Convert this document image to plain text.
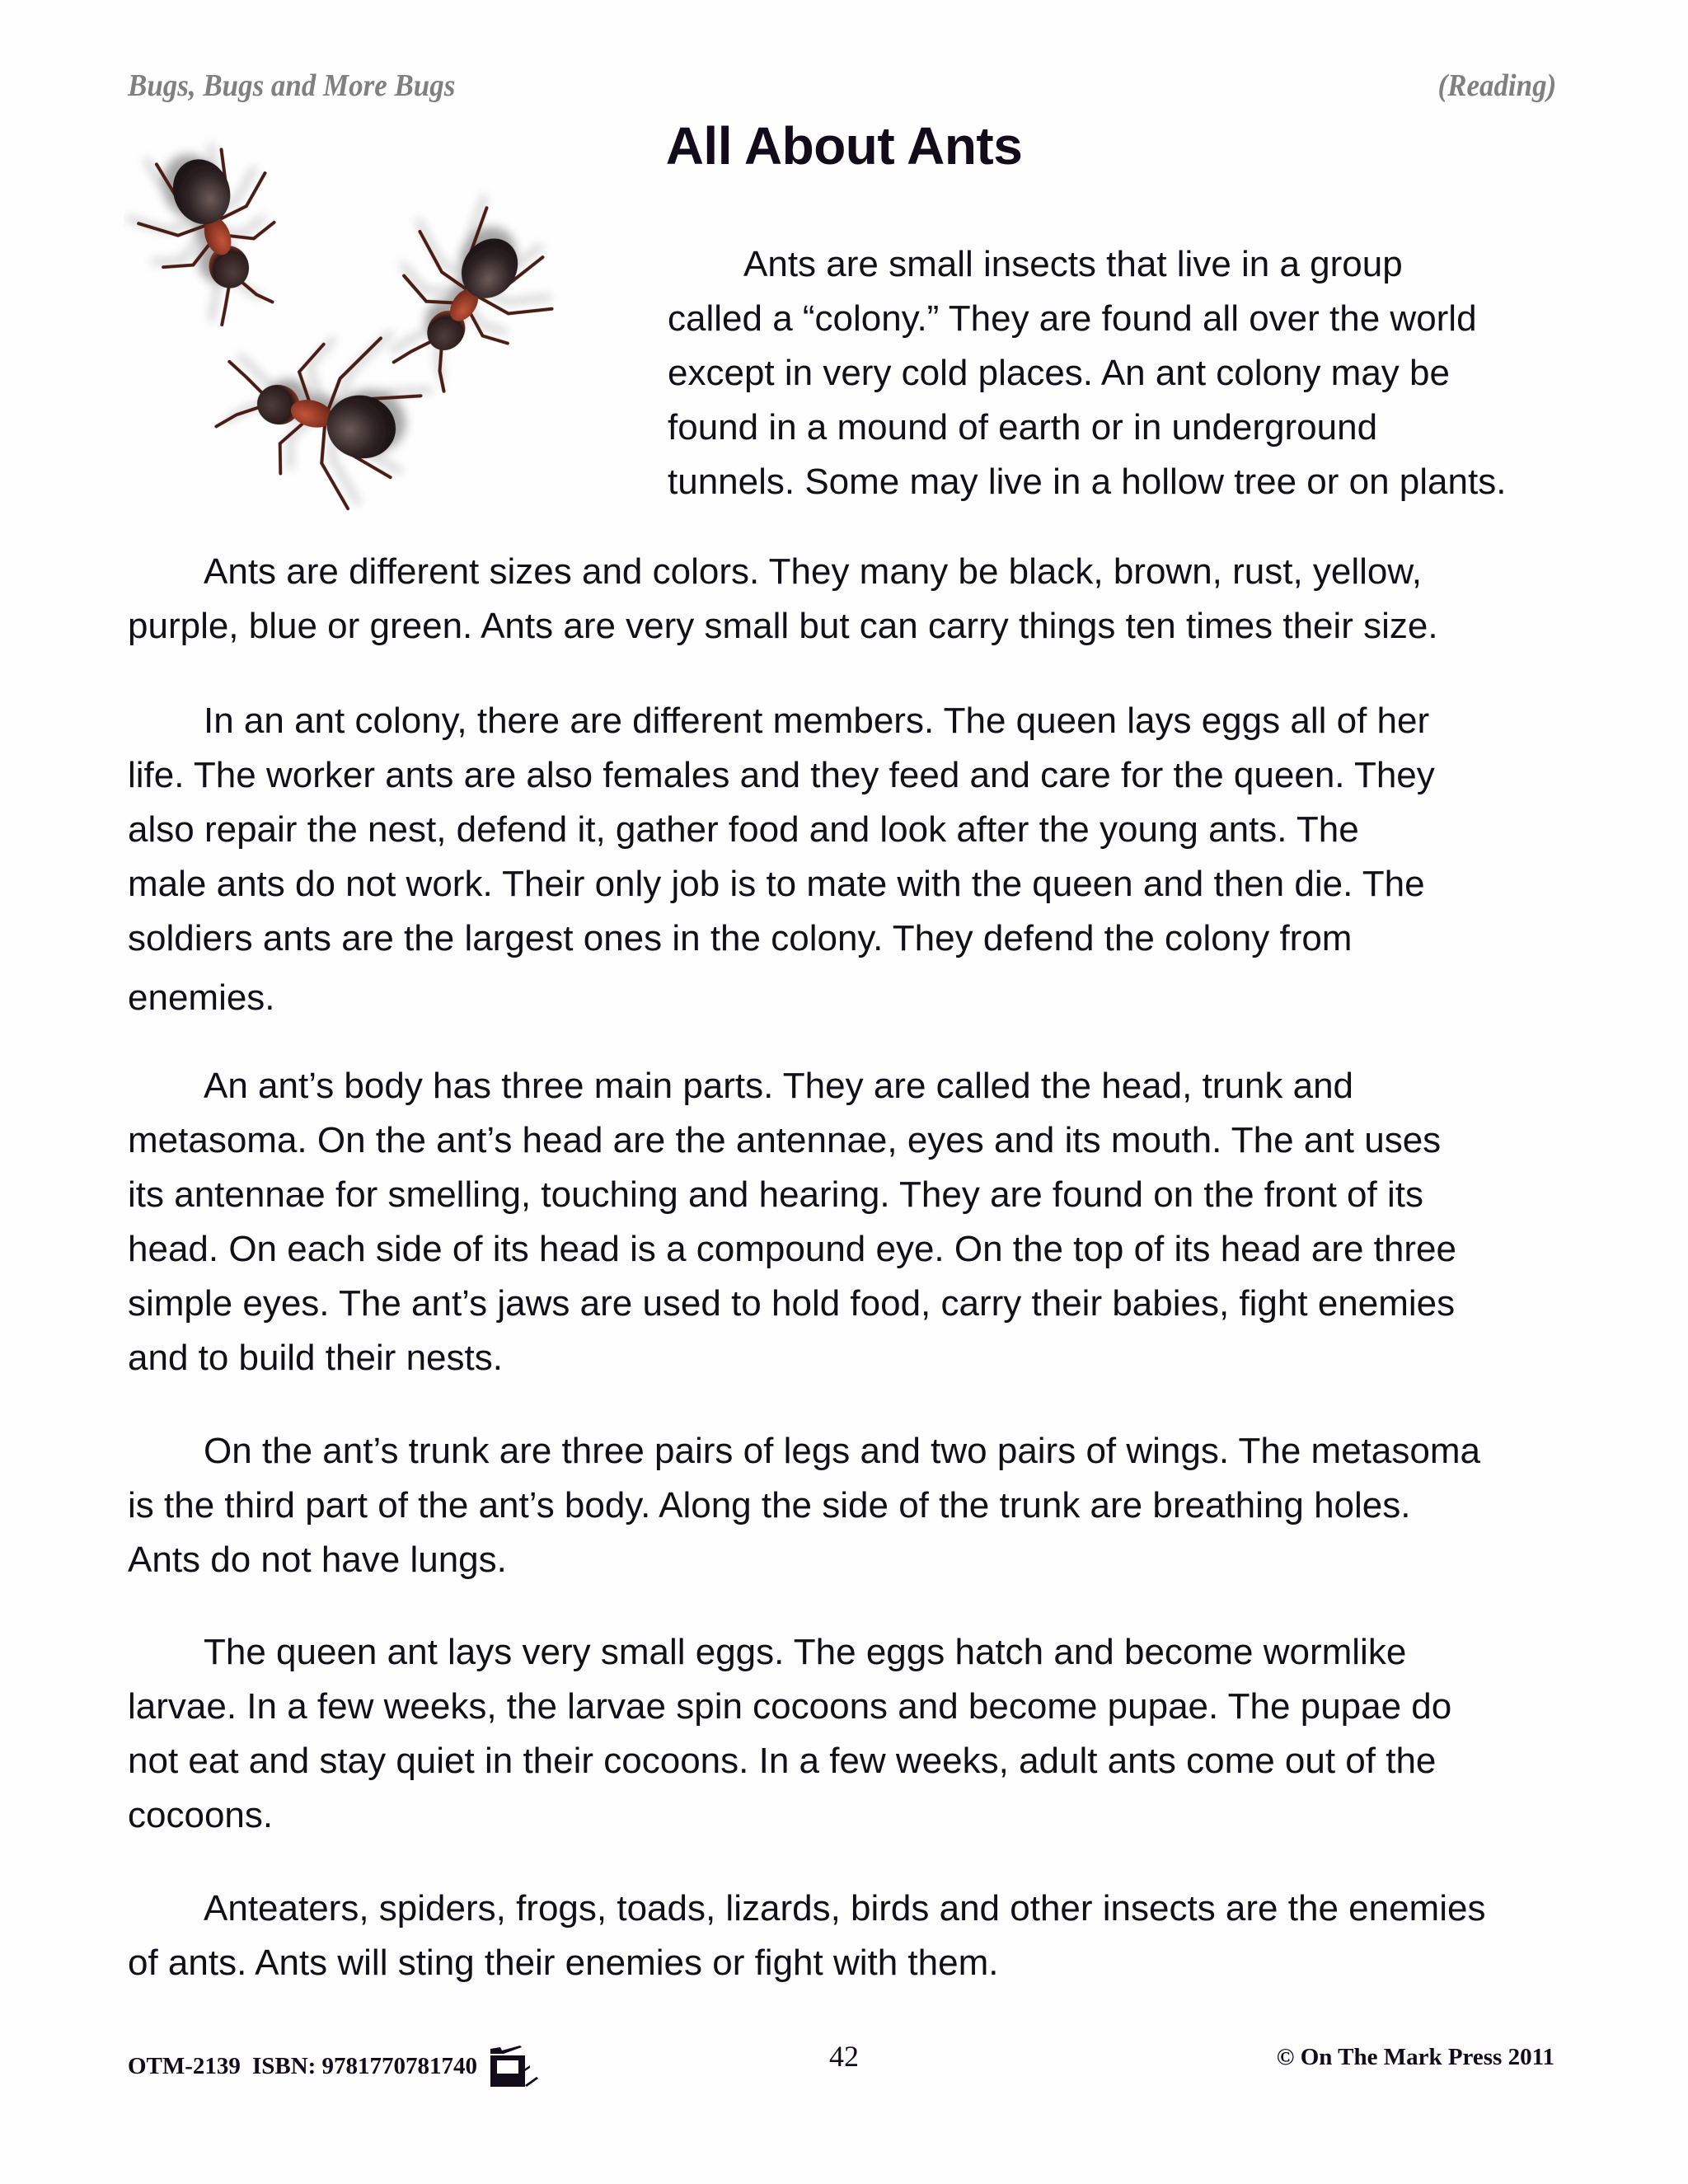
Bugs, Bugs and More Bugs	(Reading)
All About Ants
Ants are small insects that live in a group
called a “colony.” They are found all over the world
except in very cold places. An ant colony may be
found in a mound of earth or in underground
tunnels. Some may live in a hollow tree or on plants.
Ants are different sizes and colors. They many be black, brown, rust, yellow,
purple, blue or green. Ants are very small but can carry things ten times their size.
In an ant colony, there are different members. The queen lays eggs all of her
life. The worker ants are also females and they feed and care for the queen. They
also repair the nest, defend it, gather food and look after the young ants. The
male ants do not work. Their only job is to mate with the queen and then die. The
soldiers ants are the largest ones in the colony. They defend the colony from
enemies.
An ant’s body has three main parts. They are called the head, trunk and
metasoma. On the ant’s head are the antennae, eyes and its mouth. The ant uses
its antennae for smelling, touching and hearing. They are found on the front of its
head. On each side of its head is a compound eye. On the top of its head are three
simple eyes. The ant’s jaws are used to hold food, carry their babies, fight enemies
and to build their nests.
On the ant’s trunk are three pairs of legs and two pairs of wings. The metasoma
is the third part of the ant’s body. Along the side of the trunk are breathing holes.
Ants do not have lungs.
The queen ant lays very small eggs. The eggs hatch and become wormlike
larvae. In a few weeks, the larvae spin cocoons and become pupae. The pupae do
not eat and stay quiet in their cocoons. In a few weeks, adult ants come out of the
cocoons.
Anteaters, spiders, frogs, toads, lizards, birds and other insects are the enemies
of ants. Ants will sting their enemies or fight with them.
OTM-2139 ISBN: 9781770781740	42	© On The Mark Press 2011
